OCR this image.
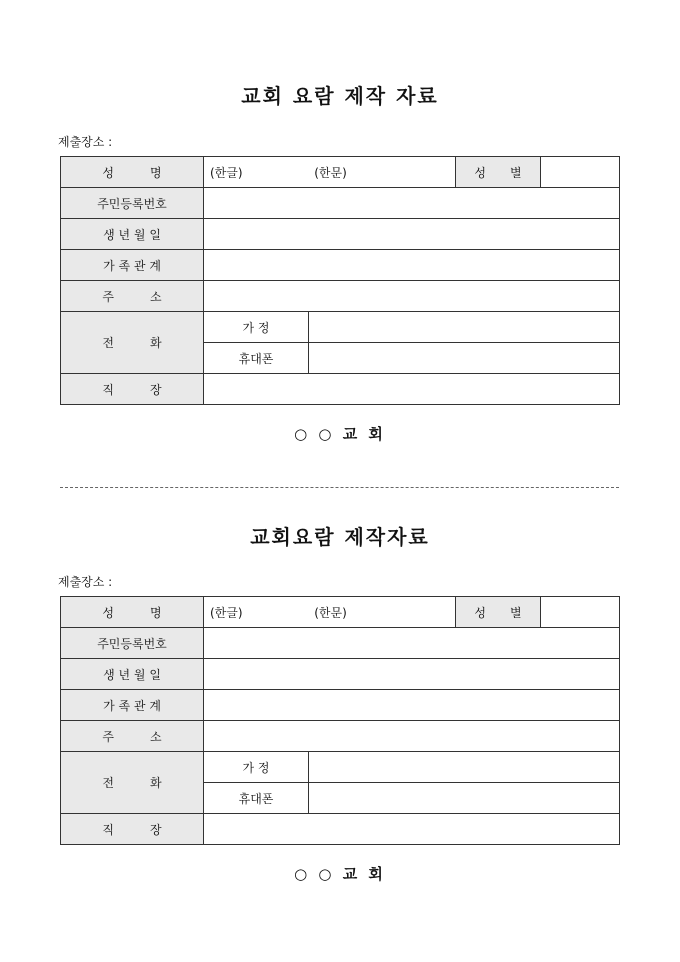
교회 요람 제작 자료
제출장소 :
성　　　명	(한글) (한문)		성　　별	
주민등록번호				
생 년 월 일				
가 족 관 계				
주　　　소				
전　　　화	가 정			
	휴대폰			
직　　　장				
○ ○ 교 회
교회요람 제작자료
제출장소 :
성　　　명	(한글) (한문)		성　　별	
주민등록번호				
생 년 월 일				
가 족 관 계				
주　　　소				
전　　　화	가 정			
	휴대폰			
직　　　장				
○ ○ 교 회
